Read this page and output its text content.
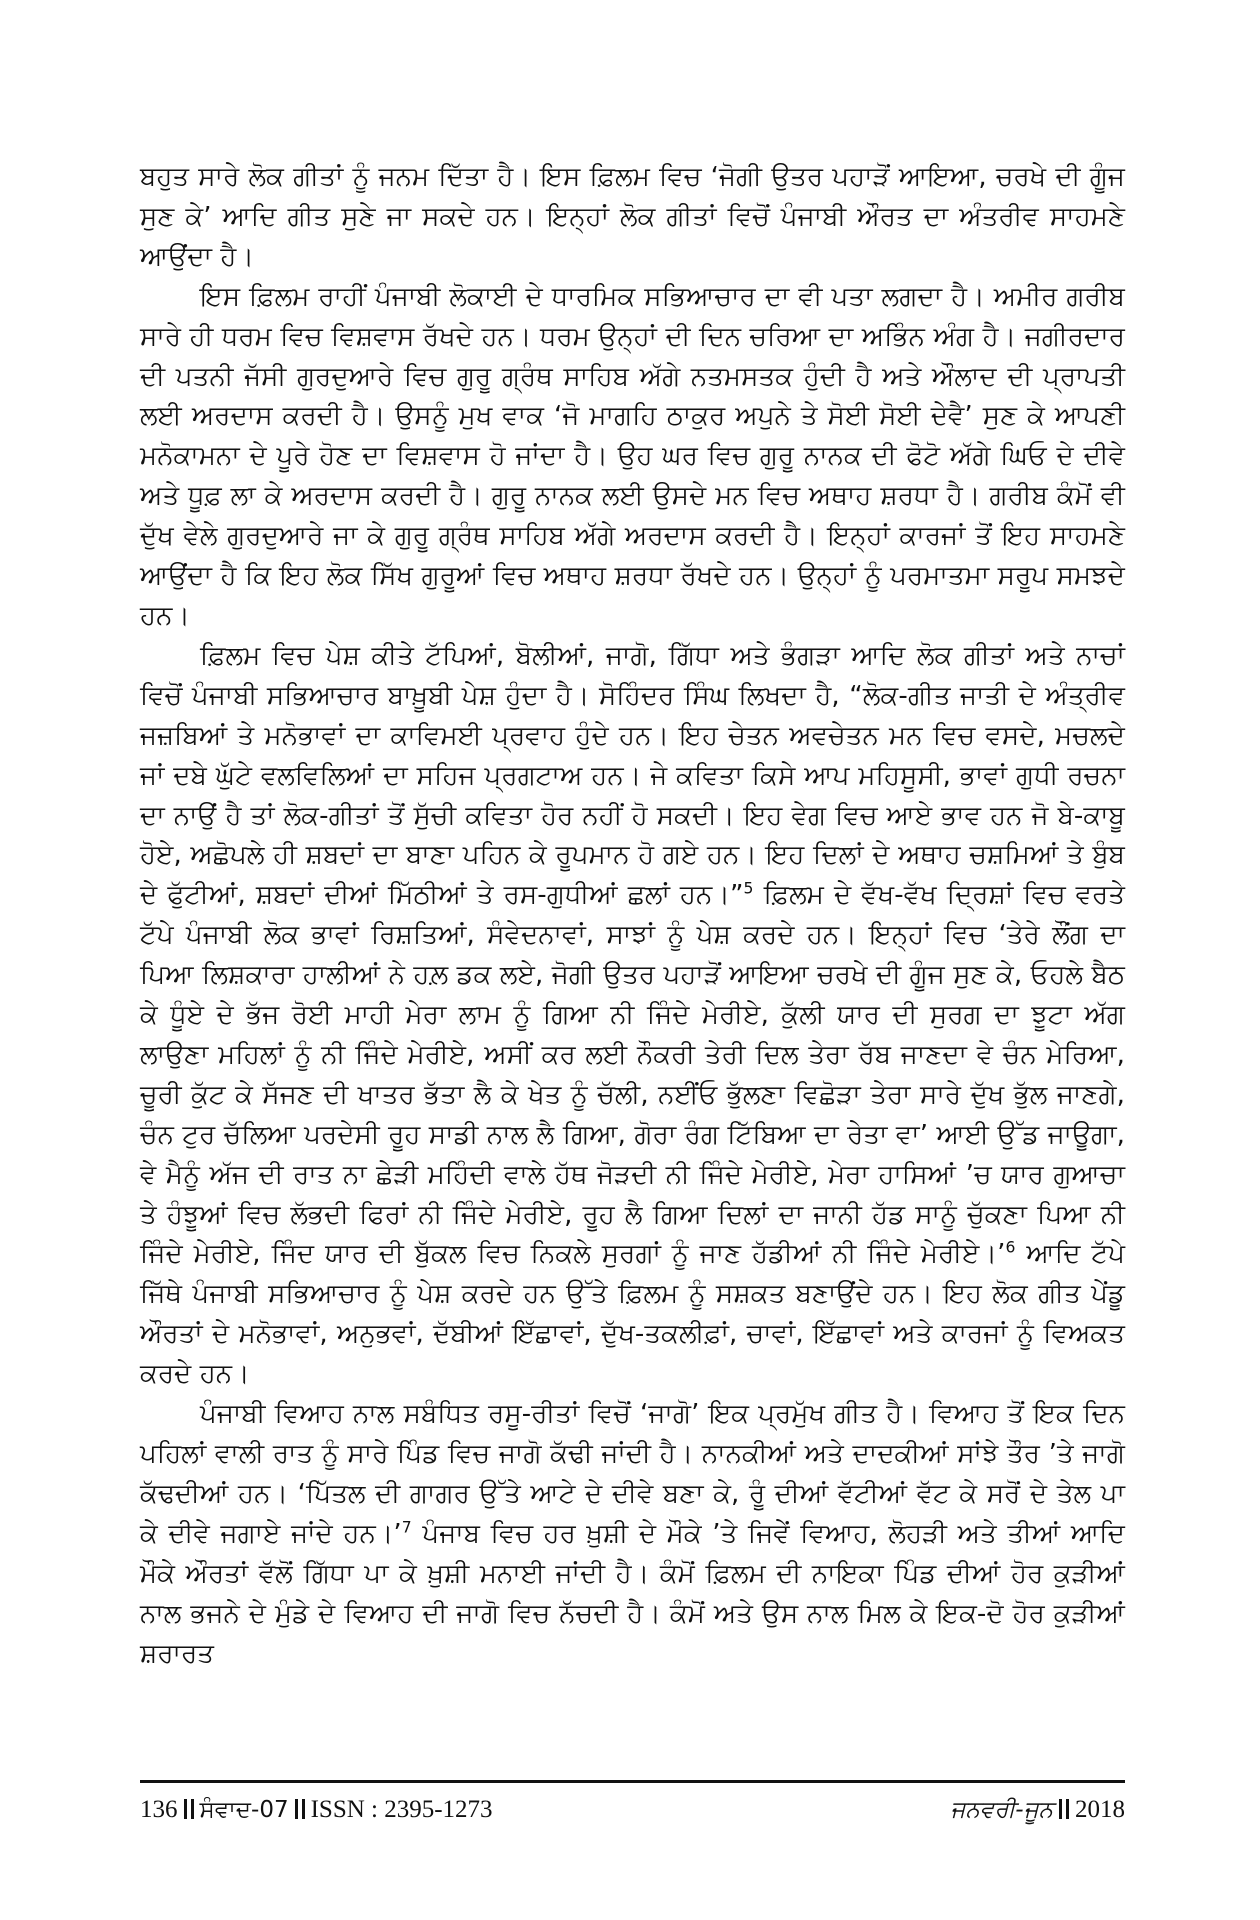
ਬਹੁਤ ਸਾਰੇ ਲੋਕ ਗੀਤਾਂ ਨੂੰ ਜਨਮ ਦਿੱਤਾ ਹੈ। ਇਸ ਫ਼ਿਲਮ ਵਿਚ ‘ਜੋਗੀ ਉਤਰ ਪਹਾੜੋਂ ਆਇਆ, ਚਰਖੇ ਦੀ ਗੂੰਜ ਸੁਣ ਕੇ’ ਆਦਿ ਗੀਤ ਸੁਣੇ ਜਾ ਸਕਦੇ ਹਨ। ਇਨ੍ਹਾਂ ਲੋਕ ਗੀਤਾਂ ਵਿਚੋਂ ਪੰਜਾਬੀ ਔਰਤ ਦਾ ਅੰਤਰੀਵ ਸਾਹਮਣੇ ਆਉਂਦਾ ਹੈ।

ਇਸ ਫ਼ਿਲਮ ਰਾਹੀਂ ਪੰਜਾਬੀ ਲੋਕਾਈ ਦੇ ਧਾਰਮਿਕ ਸਭਿਆਚਾਰ ਦਾ ਵੀ ਪਤਾ ਲਗਦਾ ਹੈ। ਅਮੀਰ ਗਰੀਬ ਸਾਰੇ ਹੀ ਧਰਮ ਵਿਚ ਵਿਸ਼ਵਾਸ ਰੱਖਦੇ ਹਨ। ਧਰਮ ਉਨ੍ਹਾਂ ਦੀ ਦਿਨ ਚਰਿਆ ਦਾ ਅਭਿੰਨ ਅੰਗ ਹੈ। ਜਗੀਰਦਾਰ ਦੀ ਪਤਨੀ ਜੱਸੀ ਗੁਰਦੁਆਰੇ ਵਿਚ ਗੁਰੂ ਗ੍ਰੰਥ ਸਾਹਿਬ ਅੱਗੇ ਨਤਮਸਤਕ ਹੁੰਦੀ ਹੈ ਅਤੇ ਔਲਾਦ ਦੀ ਪ੍ਰਾਪਤੀ ਲਈ ਅਰਦਾਸ ਕਰਦੀ ਹੈ। ਉਸਨੂੰ ਮੁਖ ਵਾਕ ‘ਜੋ ਮਾਗਹਿ ਠਾਕੁਰ ਅਪੁਨੇ ਤੇ ਸੋਈ ਸੋਈ ਦੇਵੈ’ ਸੁਣ ਕੇ ਆਪਣੀ ਮਨੋਕਾਮਨਾ ਦੇ ਪੂਰੇ ਹੋਣ ਦਾ ਵਿਸ਼ਵਾਸ ਹੋ ਜਾਂਦਾ ਹੈ। ਉਹ ਘਰ ਵਿਚ ਗੁਰੂ ਨਾਨਕ ਦੀ ਫੋਟੋ ਅੱਗੇ ਘਿਓ ਦੇ ਦੀਵੇ ਅਤੇ ਧੂਫ਼ ਲਾ ਕੇ ਅਰਦਾਸ ਕਰਦੀ ਹੈ। ਗੁਰੂ ਨਾਨਕ ਲਈ ਉਸਦੇ ਮਨ ਵਿਚ ਅਥਾਹ ਸ਼ਰਧਾ ਹੈ। ਗਰੀਬ ਕੰਮੋਂ ਵੀ ਦੁੱਖ ਵੇਲੇ ਗੁਰਦੁਆਰੇ ਜਾ ਕੇ ਗੁਰੂ ਗ੍ਰੰਥ ਸਾਹਿਬ ਅੱਗੇ ਅਰਦਾਸ ਕਰਦੀ ਹੈ। ਇਨ੍ਹਾਂ ਕਾਰਜਾਂ ਤੋਂ ਇਹ ਸਾਹਮਣੇ ਆਉਂਦਾ ਹੈ ਕਿ ਇਹ ਲੋਕ ਸਿੱਖ ਗੁਰੂਆਂ ਵਿਚ ਅਥਾਹ ਸ਼ਰਧਾ ਰੱਖਦੇ ਹਨ। ਉਨ੍ਹਾਂ ਨੂੰ ਪਰਮਾਤਮਾ ਸਰੂਪ ਸਮਝਦੇ ਹਨ।

ਫ਼ਿਲਮ ਵਿਚ ਪੇਸ਼ ਕੀਤੇ ਟੱਪਿਆਂ, ਬੋਲੀਆਂ, ਜਾਗੋ, ਗਿੱਧਾ ਅਤੇ ਭੰਗੜਾ ਆਦਿ ਲੋਕ ਗੀਤਾਂ ਅਤੇ ਨਾਚਾਂ ਵਿਚੋਂ ਪੰਜਾਬੀ ਸਭਿਆਚਾਰ ਬਾਖ਼ੂਬੀ ਪੇਸ਼ ਹੁੰਦਾ ਹੈ। ਸੋਹਿੰਦਰ ਸਿੰਘ ਲਿਖਦਾ ਹੈ, “ਲੋਕ-ਗੀਤ ਜਾਤੀ ਦੇ ਅੰਤ੍ਰੀਵ ਜਜ਼ਬਿਆਂ ਤੇ ਮਨੋਭਾਵਾਂ ਦਾ ਕਾਵਿਮਈ ਪ੍ਰਵਾਹ ਹੁੰਦੇ ਹਨ। ਇਹ ਚੇਤਨ ਅਵਚੇਤਨ ਮਨ ਵਿਚ ਵਸਦੇ, ਮਚਲਦੇ ਜਾਂ ਦਬੇ ਘੁੱਟੇ ਵਲਵਿਲਿਆਂ ਦਾ ਸਹਿਜ ਪ੍ਰਗਟਾਅ ਹਨ। ਜੇ ਕਵਿਤਾ ਕਿਸੇ ਆਪ ਮਹਿਸੂਸੀ, ਭਾਵਾਂ ਗੁਧੀ ਰਚਨਾ ਦਾ ਨਾਉਂ ਹੈ ਤਾਂ ਲੋਕ-ਗੀਤਾਂ ਤੋਂ ਸੁੱਚੀ ਕਵਿਤਾ ਹੋਰ ਨਹੀਂ ਹੋ ਸਕਦੀ। ਇਹ ਵੇਗ ਵਿਚ ਆਏ ਭਾਵ ਹਨ ਜੋ ਬੇ-ਕਾਬੂ ਹੋਏ, ਅਛੋਪਲੇ ਹੀ ਸ਼ਬਦਾਂ ਦਾ ਬਾਣਾ ਪਹਿਨ ਕੇ ਰੂਪਮਾਨ ਹੋ ਗਏ ਹਨ। ਇਹ ਦਿਲਾਂ ਦੇ ਅਥਾਹ ਚਸ਼ਮਿਆਂ ਤੇ ਬੁੰਬ ਦੇ ਫੁੱਟੀਆਂ, ਸ਼ਬਦਾਂ ਦੀਆਂ ਮਿੱਠੀਆਂ ਤੇ ਰਸ-ਗੁਧੀਆਂ ਛਲਾਂ ਹਨ।”$^5$ ਫ਼ਿਲਮ ਦੇ ਵੱਖ-ਵੱਖ ਦ੍ਰਿਸ਼ਾਂ ਵਿਚ ਵਰਤੇ ਟੱਪੇ ਪੰਜਾਬੀ ਲੋਕ ਭਾਵਾਂ ਰਿਸ਼ਤਿਆਂ, ਸੰਵੇਦਨਾਵਾਂ, ਸਾਝਾਂ ਨੂੰ ਪੇਸ਼ ਕਰਦੇ ਹਨ। ਇਨ੍ਹਾਂ ਵਿਚ ‘ਤੇਰੇ ਲੌਂਗ ਦਾ ਪਿਆ ਲਿਸ਼ਕਾਰਾ ਹਾਲੀਆਂ ਨੇ ਹਲ਼ ਡਕ ਲਏ, ਜੋਗੀ ਉਤਰ ਪਹਾੜੋਂ ਆਇਆ ਚਰਖੇ ਦੀ ਗੂੰਜ ਸੁਣ ਕੇ, ਓਹਲੇ ਬੈਠ ਕੇ ਧੂੰਏ ਦੇ ਭੱਜ ਰੋਈ ਮਾਹੀ ਮੇਰਾ ਲਾਮ ਨੂੰ ਗਿਆ ਨੀ ਜਿੰਦੇ ਮੇਰੀਏ, ਕੁੱਲੀ ਯਾਰ ਦੀ ਸੁਰਗ ਦਾ ਝੂਟਾ ਅੱਗ ਲਾਉਣਾ ਮਹਿਲਾਂ ਨੂੰ ਨੀ ਜਿੰਦੇ ਮੇਰੀਏ, ਅਸੀਂ ਕਰ ਲਈ ਨੌਕਰੀ ਤੇਰੀ ਦਿਲ ਤੇਰਾ ਰੱਬ ਜਾਣਦਾ ਵੇ ਚੰਨ ਮੇਰਿਆ, ਚੂਰੀ ਕੁੱਟ ਕੇ ਸੱਜਣ ਦੀ ਖਾਤਰ ਭੱਤਾ ਲੈ ਕੇ ਖੇਤ ਨੂੰ ਚੱਲੀ, ਨਈਂਓ ਭੁੱਲਣਾ ਵਿਛੋੜਾ ਤੇਰਾ ਸਾਰੇ ਦੁੱਖ ਭੁੱਲ ਜਾਣਗੇ, ਚੰਨ ਟੁਰ ਚੱਲਿਆ ਪਰਦੇਸੀ ਰੂਹ ਸਾਡੀ ਨਾਲ ਲੈ ਗਿਆ, ਗੋਰਾ ਰੰਗ ਟਿੱਬਿਆ ਦਾ ਰੇਤਾ ਵਾ’ ਆਈ ਉੱਡ ਜਾਊਗਾ, ਵੇ ਮੈਨੂੰ ਅੱਜ ਦੀ ਰਾਤ ਨਾ ਛੇੜੀ ਮਹਿੰਦੀ ਵਾਲੇ ਹੱਥ ਜੋੜਦੀ ਨੀ ਜਿੰਦੇ ਮੇਰੀਏ, ਮੇਰਾ ਹਾਸਿਆਂ ’ਚ ਯਾਰ ਗੁਆਚਾ ਤੇ ਹੰਝੂਆਂ ਵਿਚ ਲੱਭਦੀ ਫਿਰਾਂ ਨੀ ਜਿੰਦੇ ਮੇਰੀਏ, ਰੂਹ ਲੈ ਗਿਆ ਦਿਲਾਂ ਦਾ ਜਾਨੀ ਹੱਡ ਸਾਨੂੰ ਚੁੱਕਣਾ ਪਿਆ ਨੀ ਜਿੰਦੇ ਮੇਰੀਏ, ਜਿੰਦ ਯਾਰ ਦੀ ਬੁੱਕਲ ਵਿਚ ਨਿਕਲੇ ਸੁਰਗਾਂ ਨੂੰ ਜਾਣ ਹੱਡੀਆਂ ਨੀ ਜਿੰਦੇ ਮੇਰੀਏ।’$^6$ ਆਦਿ ਟੱਪੇ ਜਿੱਥੇ ਪੰਜਾਬੀ ਸਭਿਆਚਾਰ ਨੂੰ ਪੇਸ਼ ਕਰਦੇ ਹਨ ਉੱਤੇ ਫ਼ਿਲਮ ਨੂੰ ਸਸ਼ਕਤ ਬਣਾਉਂਦੇ ਹਨ। ਇਹ ਲੋਕ ਗੀਤ ਪੇਂਡੂ ਔਰਤਾਂ ਦੇ ਮਨੋਭਾਵਾਂ, ਅਨੁਭਵਾਂ, ਦੱਬੀਆਂ ਇੱਛਾਵਾਂ, ਦੁੱਖ-ਤਕਲੀਫ਼ਾਂ, ਚਾਵਾਂ, ਇੱਛਾਵਾਂ ਅਤੇ ਕਾਰਜਾਂ ਨੂੰ ਵਿਅਕਤ ਕਰਦੇ ਹਨ।

ਪੰਜਾਬੀ ਵਿਆਹ ਨਾਲ ਸਬੰਧਿਤ ਰਸੂ-ਰੀਤਾਂ ਵਿਚੋਂ ‘ਜਾਗੋ’ ਇਕ ਪ੍ਰਮੁੱਖ ਗੀਤ ਹੈ। ਵਿਆਹ ਤੋਂ ਇਕ ਦਿਨ ਪਹਿਲਾਂ ਵਾਲੀ ਰਾਤ ਨੂੰ ਸਾਰੇ ਪਿੰਡ ਵਿਚ ਜਾਗੋ ਕੱਢੀ ਜਾਂਦੀ ਹੈ। ਨਾਨਕੀਆਂ ਅਤੇ ਦਾਦਕੀਆਂ ਸਾਂਝੇ ਤੌਰ ’ਤੇ ਜਾਗੋ ਕੱਢਦੀਆਂ ਹਨ। ‘ਪਿੱਤਲ ਦੀ ਗਾਗਰ ਉੱਤੇ ਆਟੇ ਦੇ ਦੀਵੇ ਬਣਾ ਕੇ, ਰੂੰ ਦੀਆਂ ਵੱਟੀਆਂ ਵੱਟ ਕੇ ਸਰੋਂ ਦੇ ਤੇਲ ਪਾ ਕੇ ਦੀਵੇ ਜਗਾਏ ਜਾਂਦੇ ਹਨ।’$^7$ ਪੰਜਾਬ ਵਿਚ ਹਰ ਖ਼ੁਸ਼ੀ ਦੇ ਮੌਕੇ ’ਤੇ ਜਿਵੇਂ ਵਿਆਹ, ਲੋਹੜੀ ਅਤੇ ਤੀਆਂ ਆਦਿ ਮੌਕੇ ਔਰਤਾਂ ਵੱਲੋਂ ਗਿੱਧਾ ਪਾ ਕੇ ਖ਼ੁਸ਼ੀ ਮਨਾਈ ਜਾਂਦੀ ਹੈ। ਕੰਮੋਂ ਫ਼ਿਲਮ ਦੀ ਨਾਇਕਾ ਪਿੰਡ ਦੀਆਂ ਹੋਰ ਕੁੜੀਆਂ ਨਾਲ ਭਜਨੇ ਦੇ ਮੁੰਡੇ ਦੇ ਵਿਆਹ ਦੀ ਜਾਗੋ ਵਿਚ ਨੱਚਦੀ ਹੈ। ਕੰਮੋਂ ਅਤੇ ਉਸ ਨਾਲ ਮਿਲ ਕੇ ਇਕ-ਦੋ ਹੋਰ ਕੁੜੀਆਂ ਸ਼ਰਾਰਤ

136 ਸੰਵਾਦ-07 ISSN : 2395-1273	ਜਨਵਰੀ-ਜੂਨ 2018
